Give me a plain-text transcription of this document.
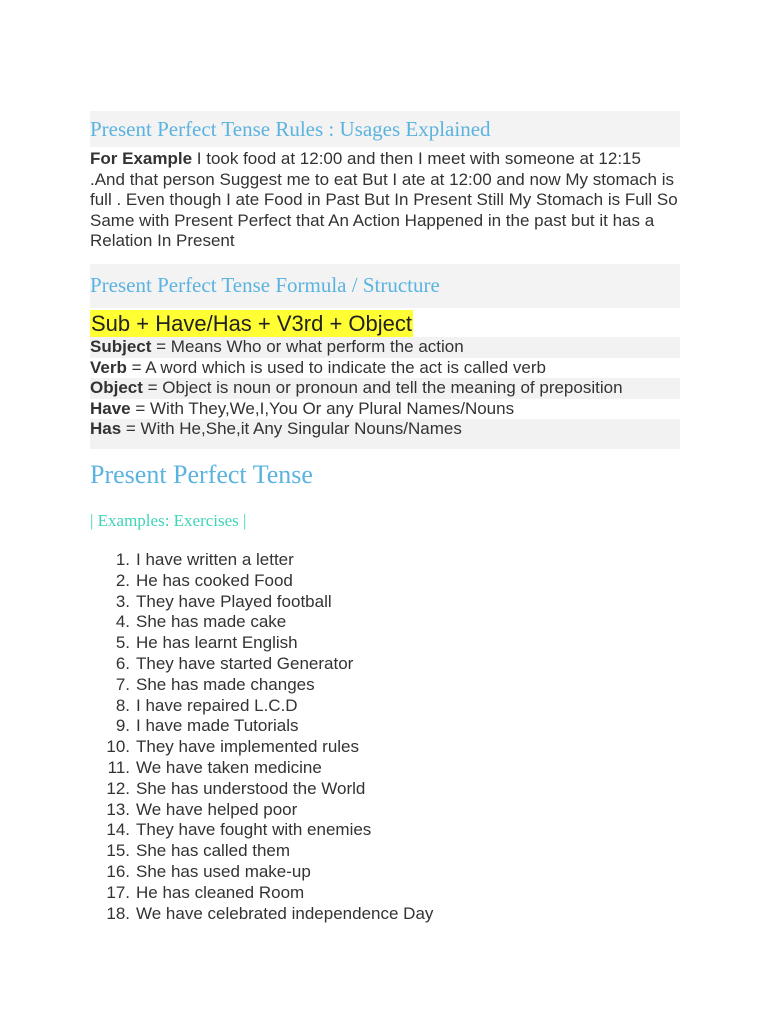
Present Perfect Tense Rules : Usages Explained
For Example I took food at 12:00 and then I meet with someone at 12:15 .And that person Suggest me to eat But I ate at 12:00 and now My stomach is full . Even though I ate Food in Past But In Present Still My Stomach is Full So Same with Present Perfect that An Action Happened in the past but it has a Relation In Present
Present Perfect Tense Formula / Structure
Sub + Have/Has + V3rd + Object
Subject = Means Who or what perform the action
Verb = A word which is used to indicate the act is called verb
Object = Object is noun or pronoun and tell the meaning of preposition
Have = With They,We,I,You Or any Plural Names/Nouns
Has = With He,She,it Any Singular Nouns/Names
Present Perfect Tense
| Examples: Exercises |
1. I have written a letter
2. He has cooked Food
3. They have Played football
4. She has made cake
5. He has learnt English
6. They have started Generator
7. She has made changes
8. I have repaired L.C.D
9. I have made Tutorials
10. They have implemented rules
11. We have taken medicine
12. She has understood the World
13. We have helped poor
14. They have fought with enemies
15. She has called them
16. She has used make-up
17. He has cleaned Room
18. We have celebrated independence Day
